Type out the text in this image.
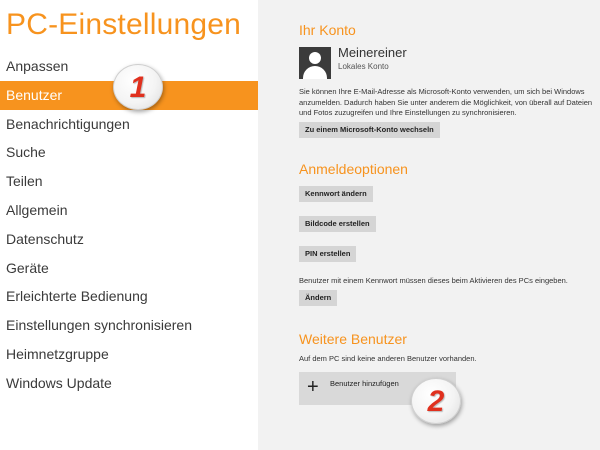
PC-Einstellungen
Anpassen
Benutzer
Benachrichtigungen
Suche
Teilen
Allgemein
Datenschutz
Geräte
Erleichterte Bedienung
Einstellungen synchronisieren
Heimnetzgruppe
Windows Update
Ihr Konto
Meinereiner
Lokales Konto
Sie können Ihre E-Mail-Adresse als Microsoft-Konto verwenden, um sich bei Windows anzumelden. Dadurch haben Sie unter anderem die Möglichkeit, von überall auf Dateien und Fotos zuzugreifen und Ihre Einstellungen zu synchronisieren.
Zu einem Microsoft-Konto wechseln
Anmeldeoptionen
Kennwort ändern
Bildcode erstellen
PIN erstellen
Benutzer mit einem Kennwort müssen dieses beim Aktivieren des PCs eingeben.
Ändern
Weitere Benutzer
Auf dem PC sind keine anderen Benutzer vorhanden.
+ Benutzer hinzufügen
1
2
